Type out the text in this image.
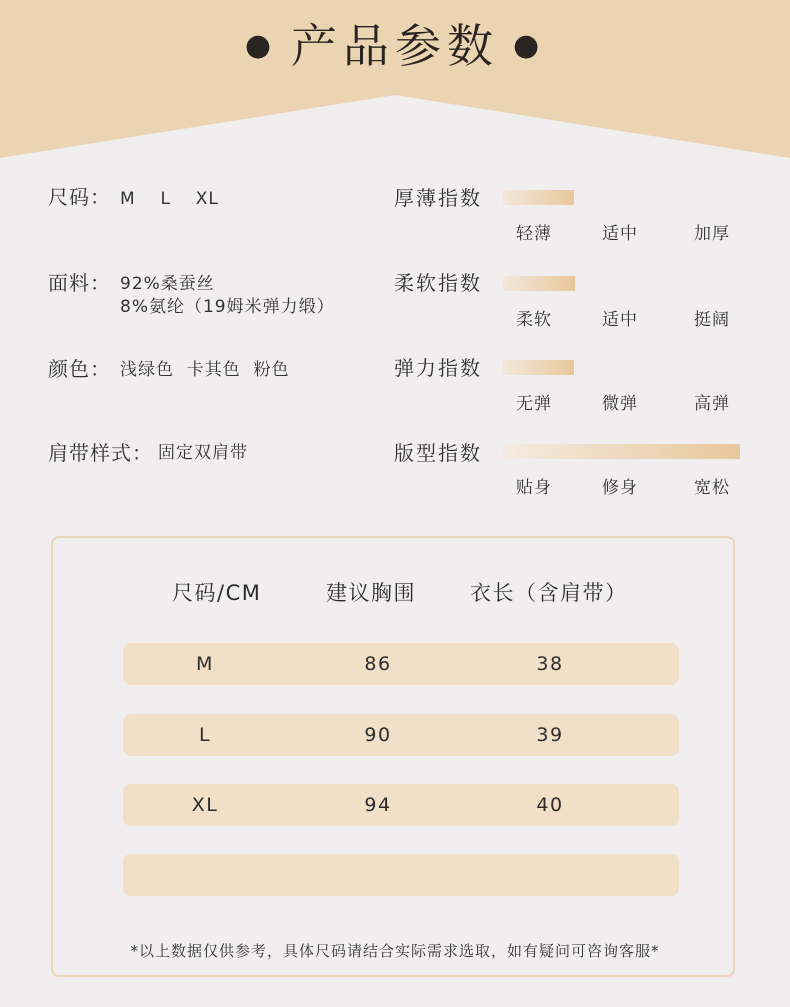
● 产品参数 ●
尺码： M  L  XL
面料： 92%桑蚕丝
8%氨纶（19姆米弹力缎）
颜色： 浅绿色  卡其色  粉色
肩带样式： 固定双肩带
厚薄指数
轻薄	适中	加厚
柔软指数
柔软	适中	挺阔
弹力指数
无弹	微弹	高弹
版型指数
贴身	修身	宽松
尺码/CM	建议胸围	衣长（含肩带）
M	86	38
L	90	39
XL	94	40
*以上数据仅供参考，具体尺码请结合实际需求选取，如有疑问可咨询客服*
